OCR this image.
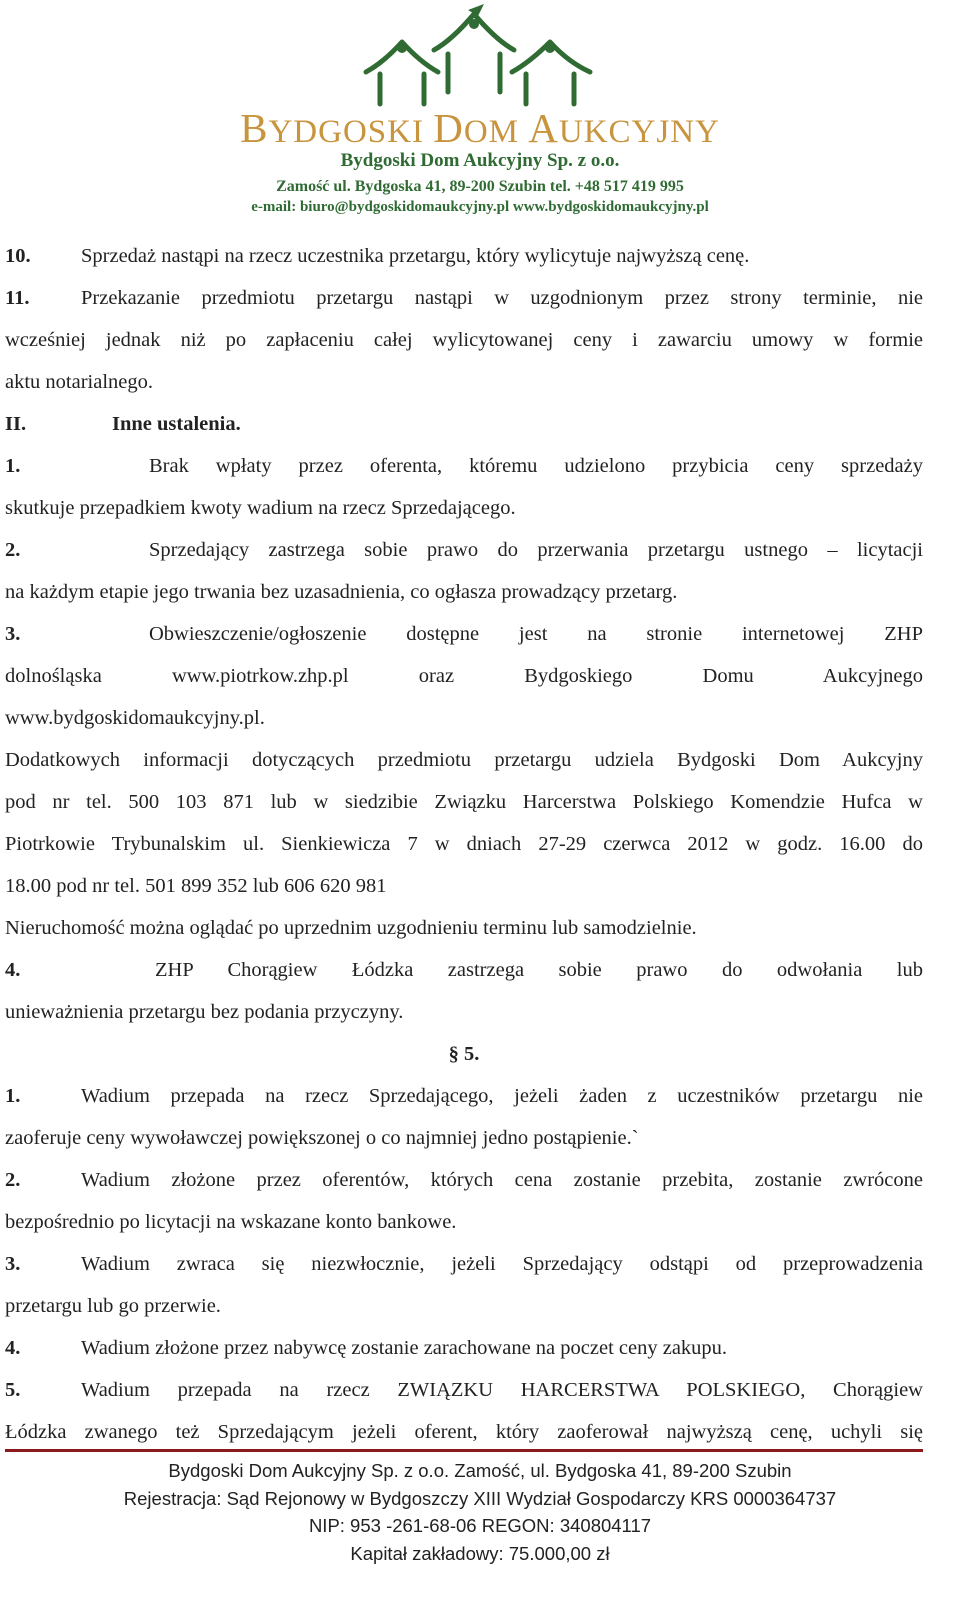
BYDGOSKI DOM AUKCYJNY
Bydgoski Dom Aukcyjny Sp. z o.o.
Zamość ul. Bydgoska 41, 89-200 Szubin tel. +48 517 419 995
e-mail: biuro@bydgoskidomaukcyjny.pl www.bydgoskidomaukcyjny.pl
10. Sprzedaż nastąpi na rzecz uczestnika przetargu, który wylicytuje najwyższą cenę.
11.	Przekazanie przedmiotu przetargu nastąpi w uzgodnionym przez strony terminie, nie
wcześniej jednak niż po zapłaceniu całej wylicytowanej ceny i zawarciu umowy w formie
aktu notarialnego.
II.	Inne ustalenia.
1.	Brak wpłaty przez oferenta, któremu udzielono przybicia ceny sprzedaży
skutkuje przepadkiem kwoty wadium na rzecz Sprzedającego.
2.	Sprzedający zastrzega sobie prawo do przerwania przetargu ustnego – licytacji
na każdym etapie jego trwania bez uzasadnienia, co ogłasza prowadzący przetarg.
3.	Obwieszczenie/ogłoszenie dostępne jest na stronie internetowej ZHP
dolnośląska www.piotrkow.zhp.pl oraz Bydgoskiego Domu Aukcyjnego
www.bydgoskidomaukcyjny.pl.
Dodatkowych informacji dotyczących przedmiotu przetargu udziela Bydgoski Dom Aukcyjny
pod nr tel. 500 103 871 lub w siedzibie Związku Harcerstwa Polskiego Komendzie Hufca w
Piotrkowie Trybunalskim ul. Sienkiewicza 7 w dniach 27-29 czerwca 2012 w godz. 16.00 do
18.00 pod nr tel. 501 899 352 lub 606 620 981
Nieruchomość można oglądać po uprzednim uzgodnieniu terminu lub samodzielnie.
4.	ZHP Chorągiew Łódzka zastrzega sobie prawo do odwołania lub
unieważnienia przetargu bez podania przyczyny.
§ 5.
1.	Wadium przepada na rzecz Sprzedającego, jeżeli żaden z uczestników przetargu nie
zaoferuje ceny wywoławczej powiększonej o co najmniej jedno postąpienie.`
2.	Wadium złożone przez oferentów, których cena zostanie przebita, zostanie zwrócone
bezpośrednio po licytacji na wskazane konto bankowe.
3.	Wadium zwraca się niezwłocznie, jeżeli Sprzedający odstąpi od przeprowadzenia
przetargu lub go przerwie.
4.	Wadium złożone przez nabywcę zostanie zarachowane na poczet ceny zakupu.
5.	Wadium przepada na rzecz ZWIĄZKU HARCERSTWA POLSKIEGO, Chorągiew
Łódzka zwanego też Sprzedającym jeżeli oferent, który zaoferował najwyższą cenę, uchyli się
Bydgoski Dom Aukcyjny Sp. z o.o. Zamość, ul. Bydgoska 41, 89-200 Szubin
Rejestracja: Sąd Rejonowy w Bydgoszczy XIII Wydział Gospodarczy KRS 0000364737
NIP: 953 -261-68-06 REGON: 340804117
Kapitał zakładowy: 75.000,00 zł
